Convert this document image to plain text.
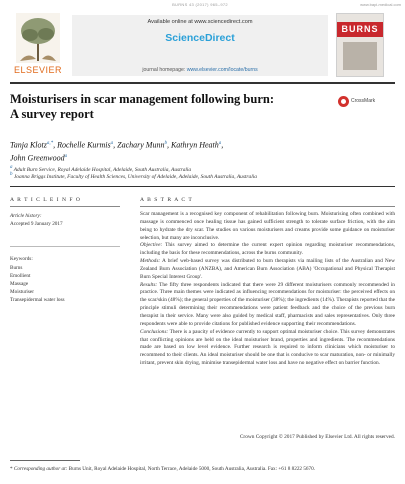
BURNS 43 (2017) 965–972	www.bapi-medical.com
ELSEVIER
Available online at www.sciencedirect.com
ScienceDirect
journal homepage: www.elsevier.com/locate/burns
BURNS
Moisturisers in scar management following burn:
A survey report
CrossMark
Tanja Klotz$^{a,*}$, Rochelle Kurmis$^a$, Zachary Munn$^b$, Kathryn Heath$^a$,
John Greenwood$^a$
$^a$ Adult Burn Service, Royal Adelaide Hospital, Adelaide, South Australia, Australia
$^b$ Joanna Briggs Institute, Faculty of Health Sciences, University of Adelaide, Adelaide, South Australia, Australia
A R T I C L E I N F O
Article history:
Accepted 9 January 2017
Keywords:
Burns
Emollient
Massage
Moisturiser
Transepidermal water loss
A B S T R A C T

Scar management is a recognised key component of rehabilitation following burn. Moisturising often combined with massage is commenced once healing tissue has gained sufficient strength to tolerate surface friction, with the aim being to hydrate the dry scar. The studies on various moisturisers and creams provide some guidance on moisturiser selection, but many are inconclusive.

Objective: This survey aimed to determine the current expert opinion regarding moisturiser recommendations, including the basis for these recommendations, across the burns community.

Methods: A brief web-based survey was distributed to burn therapists via mailing lists of the Australian and New Zealand Burn Association (ANZBA), and American Burn Association (ABA) 'Occupational and Physical Therapist Burn Special Interest Group'.

Results: The fifty three respondents indicated that there were 29 different moisturisers commonly recommended in practice. Three main themes were indicated as influencing recommendations for moisturiser: the perceived effects on the scar/skin (48%); the general properties of the moisturiser (38%); the ingredients (14%). Therapists reported that the principle stimuli determining their recommendations were patient feedback and the choice of the previous burn therapist in their service. Many were also guided by medical staff, pharmacists and sales representatives. Only three respondents were able to provide citations for published evidence supporting their recommendations.

Conclusions: There is a paucity of evidence currently to support optimal moisturiser choice. This survey demonstrates that conflicting opinions are held on the ideal moisturiser brand, properties and ingredients. The recommendations made are based on low level evidence. Further research is required to inform clinicians which moisturiser to recommend to their clients. An ideal moisturiser should be one that is conducive to scar maturation, non- or minimally irritant, prevent skin drying, minimise transepidermal water loss and have no negative effect on barrier function.

Crown Copyright © 2017 Published by Elsevier Ltd. All rights reserved.
* Corresponding author at: Burns Unit, Royal Adelaide Hospital, North Terrace, Adelaide 5000, South Australia, Australia. Fax: +61 8 8222 5670.
